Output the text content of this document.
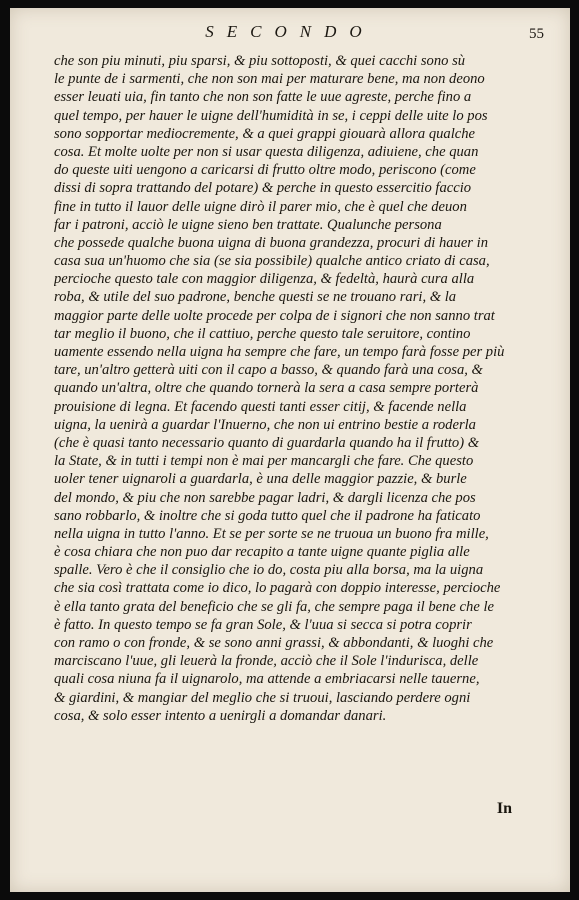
SECONDO	55
che son piu minuti, piu sparsi, & piu sottoposti, & quei cacchi sono sù
le punte de i sarmenti, che non son mai per maturare bene, ma non deono
esser leuati uia, fin tanto che non son fatte le uue agreste, perche fino a
quel tempo, per hauer le uigne dell'humidità in se, i ceppi delle uite lo pos
sono sopportar mediocremente, & a quei grappi giouarà allora qualche
cosa. Et molte uolte per non si usar questa diligenza, adiuiene, che quan
do queste uiti uengono a caricarsi di frutto oltre modo, periscono (come
dissi di sopra trattando del potare) & perche in questo essercitio faccio
fine in tutto il lauor delle uigne dirò il parer mio, che è quel che deuon
far i patroni, acciò le uigne sieno ben trattate. Qualunche persona
che possede qualche buona uigna di buona grandezza, procuri di hauer in
casa sua un'huomo che sia (se sia possibile) qualche antico criato di casa,
percioche questo tale con maggior diligenza, & fedeltà, haurà cura alla
roba, & utile del suo padrone, benche questi se ne trouano rari, & la
maggior parte delle uolte procede per colpa de i signori che non sanno trat
tar meglio il buono, che il cattiuo, perche questo tale seruitore, contino
uamente essendo nella uigna ha sempre che fare, un tempo farà fosse per più
tare, un'altro getterà uiti con il capo a basso, & quando farà una cosa, &
quando un'altra, oltre che quando tornerà la sera a casa sempre porterà
prouisione di legna. Et facendo questi tanti esser citij, & facende nella
uigna, la uenirà a guardar l'Inuerno, che non ui entrino bestie a roderla
(che è quasi tanto necessario quanto di guardarla quando ha il frutto) &
la State, & in tutti i tempi non è mai per mancargli che fare. Che questo
uoler tener uignaroli a guardarla, è una delle maggior pazzie, & burle
del mondo, & piu che non sarebbe pagar ladri, & dargli licenza che pos
sano robbarlo, & inoltre che si goda tutto quel che il padrone ha faticato
nella uigna in tutto l'anno. Et se per sorte se ne truoua un buono fra mille,
è cosa chiara che non puo dar recapito a tante uigne quante piglia alle
spalle. Vero è che il consiglio che io do, costa piu alla borsa, ma la uigna
che sia così trattata come io dico, lo pagarà con doppio interesse, percioche
è ella tanto grata del beneficio che se gli fa, che sempre paga il bene che le
è fatto. In questo tempo se fa gran Sole, & l'uua si secca si potra coprir
con ramo o con fronde, & se sono anni grassi, & abbondanti, & luoghi che
marciscano l'uue, gli leuerà la fronde, acciò che il Sole l'indurisca, delle
quali cosa niuna fa il uignarolo, ma attende a embriacarsi nelle tauerne,
& giardini, & mangiar del meglio che si truoui, lasciando perdere ogni
cosa, & solo esser intento a uenirgli a domandar danari.
In
